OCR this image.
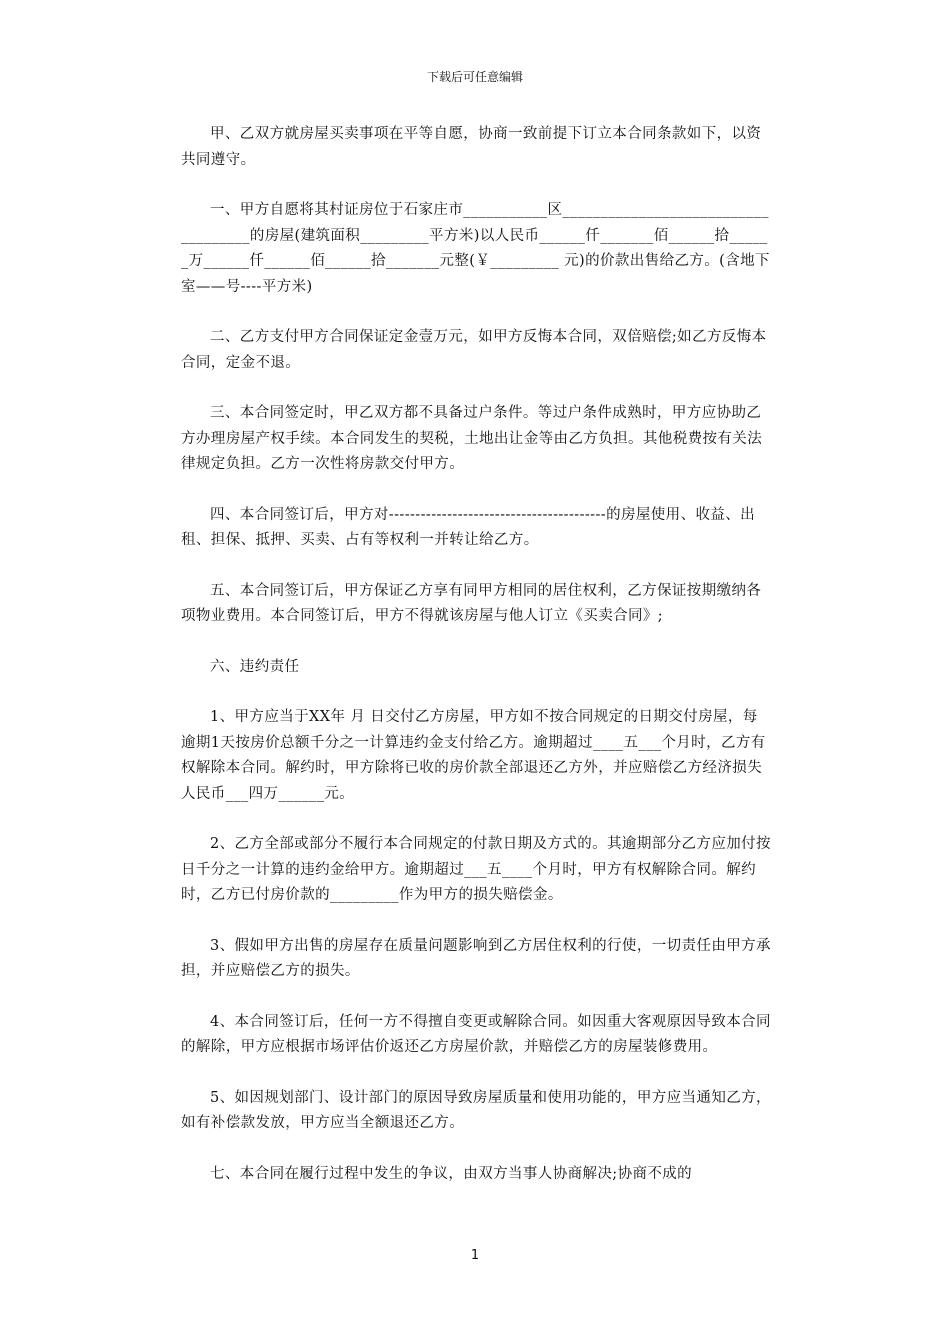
下载后可任意编辑

甲、乙双方就房屋买卖事项在平等自愿，协商一致前提下订立本合同条款如下，以资共同遵守。

一、甲方自愿将其村证房位于石家庄市___________区____________________________________的房屋(建筑面积_________平方米)以人民币______仟_______佰______拾______万______仟______佰______拾_______元整(￥_________ 元)的价款出售给乙方。(含地下室——号----平方米)

二、乙方支付甲方合同保证定金壹万元，如甲方反悔本合同，双倍赔偿;如乙方反悔本合同，定金不退。

三、本合同签定时，甲乙双方都不具备过户条件。等过户条件成熟时，甲方应协助乙方办理房屋产权手续。本合同发生的契税，土地出让金等由乙方负担。其他税费按有关法律规定负担。乙方一次性将房款交付甲方。

四、本合同签订后，甲方对-----------------------------------------的房屋使用、收益、出租、担保、抵押、买卖、占有等权利一并转让给乙方。

五、本合同签订后，甲方保证乙方享有同甲方相同的居住权利，乙方保证按期缴纳各项物业费用。本合同签订后，甲方不得就该房屋与他人订立《买卖合同》;

六、违约责任

1、甲方应当于XX年 月 日交付乙方房屋，甲方如不按合同规定的日期交付房屋，每逾期1天按房价总额千分之一计算违约金支付给乙方。逾期超过____五___个月时，乙方有权解除本合同。解约时，甲方除将已收的房价款全部退还乙方外，并应赔偿乙方经济损失人民币___四万______元。

2、乙方全部或部分不履行本合同规定的付款日期及方式的。其逾期部分乙方应加付按日千分之一计算的违约金给甲方。逾期超过___五____个月时，甲方有权解除合同。解约时，乙方已付房价款的_________作为甲方的损失赔偿金。

3、假如甲方出售的房屋存在质量问题影响到乙方居住权利的行使，一切责任由甲方承担，并应赔偿乙方的损失。

4、本合同签订后，任何一方不得擅自变更或解除合同。如因重大客观原因导致本合同的解除，甲方应根据市场评估价返还乙方房屋价款，并赔偿乙方的房屋装修费用。

5、如因规划部门、设计部门的原因导致房屋质量和使用功能的，甲方应当通知乙方，如有补偿款发放，甲方应当全额退还乙方。

七、本合同在履行过程中发生的争议，由双方当事人协商解决;协商不成的

1
